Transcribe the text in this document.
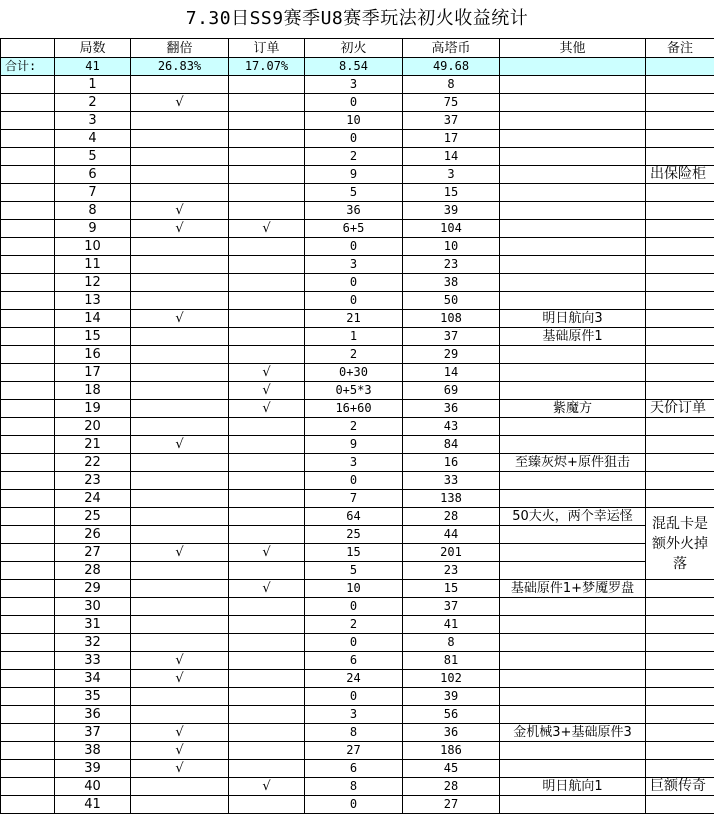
7.30日SS9赛季U8赛季玩法初火收益统计
	局数	翻倍	订单	初火	高塔币	其他	备注
合计:	41	26.83%	17.07%	8.54	49.68		
	1			3	8		
	2	√		0	75		
	3			10	37		
	4			0	17		
	5			2	14		
	6			9	3		出保险柜
	7			5	15		
	8	√		36	39		
	9	√	√	6+5	104		
	10			0	10		
	11			3	23		
	12			0	38		
	13			0	50		
	14	√		21	108	明日航向3	
	15			1	37	基础原件1	
	16			2	29		
	17		√	0+30	14		
	18		√	0+5*3	69		
	19		√	16+60	36	紫魔方	天价订单
	20			2	43		
	21	√		9	84		
	22			3	16	至臻灰烬+原件狙击	
	23			0	33		
	24			7	138		
	25			64	28	50大火，两个幸运怪	混乱卡是额外火掉落
	26			25	44		
	27	√	√	15	201		
	28			5	23		
	29		√	10	15	基础原件1+梦魇罗盘	
	30			0	37		
	31			2	41		
	32			0	8		
	33	√		6	81		
	34	√		24	102		
	35			0	39		
	36			3	56		
	37	√		8	36	金机械3+基础原件3	
	38	√		27	186		
	39	√		6	45		
	40		√	8	28	明日航向1	巨额传奇
	41			0	27		
